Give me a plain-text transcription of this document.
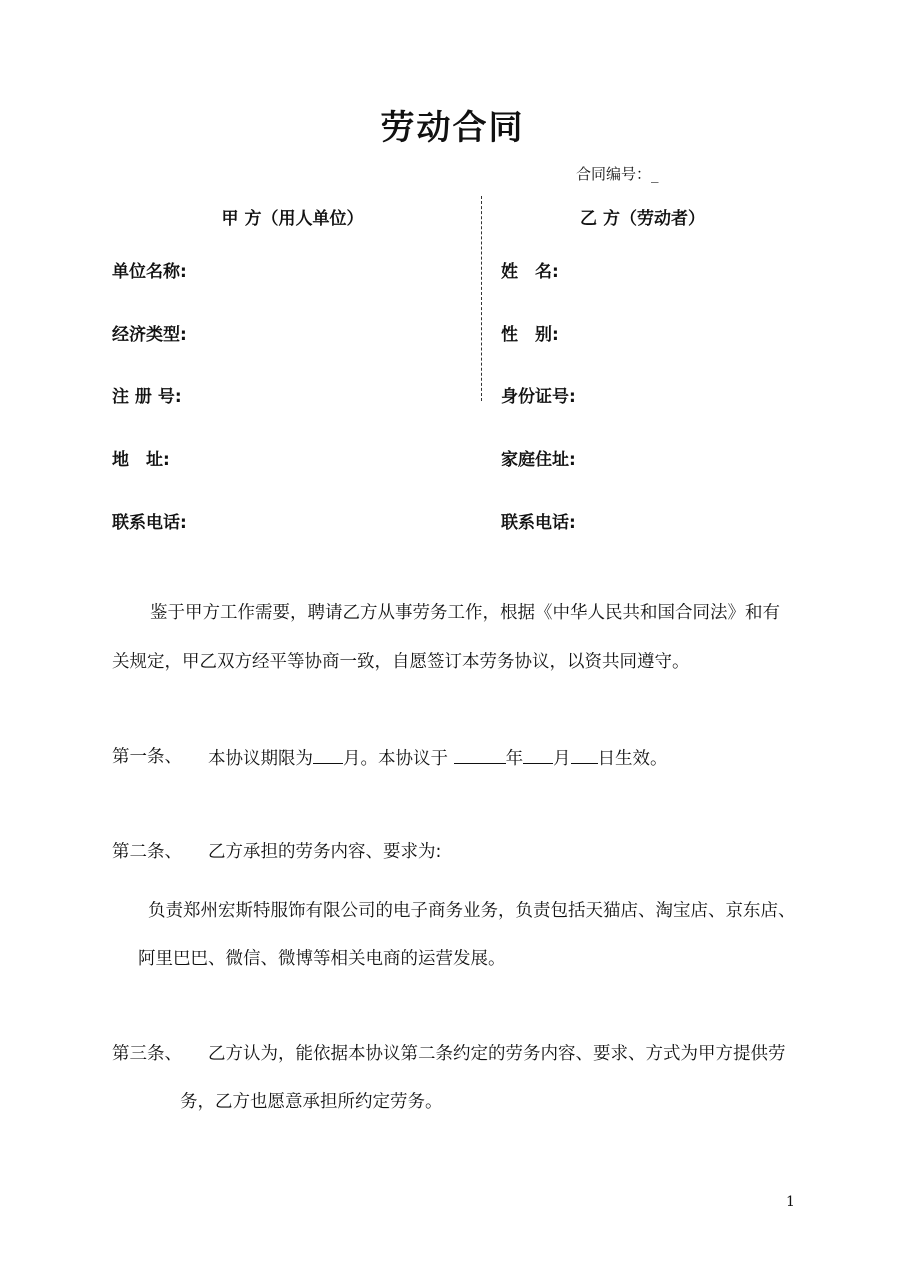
劳动合同
合同编号：_
甲 方（用人单位）	乙 方（劳动者）
单位名称:
经济类型:
注 册 号:
地　址:
联系电话:
姓　名:
性　别:
身份证号:
家庭住址:
联系电话:
鉴于甲方工作需要，聘请乙方从事劳务工作，根据《中华人民共和国合同法》和有
关规定，甲乙双方经平等协商一致，自愿签订本劳务协议，以资共同遵守。
第一条、 本协议期限为 月。本协议于	年 月 日生效。
第二条、 乙方承担的劳务内容、要求为:
负责郑州宏斯特服饰有限公司的电子商务业务，负责包括天猫店、淘宝店、京东店、
阿里巴巴、微信、微博等相关电商的运营发展。
第三条、 乙方认为，能依据本协议第二条约定的劳务内容、要求、方式为甲方提供劳
务，乙方也愿意承担所约定劳务。
1
